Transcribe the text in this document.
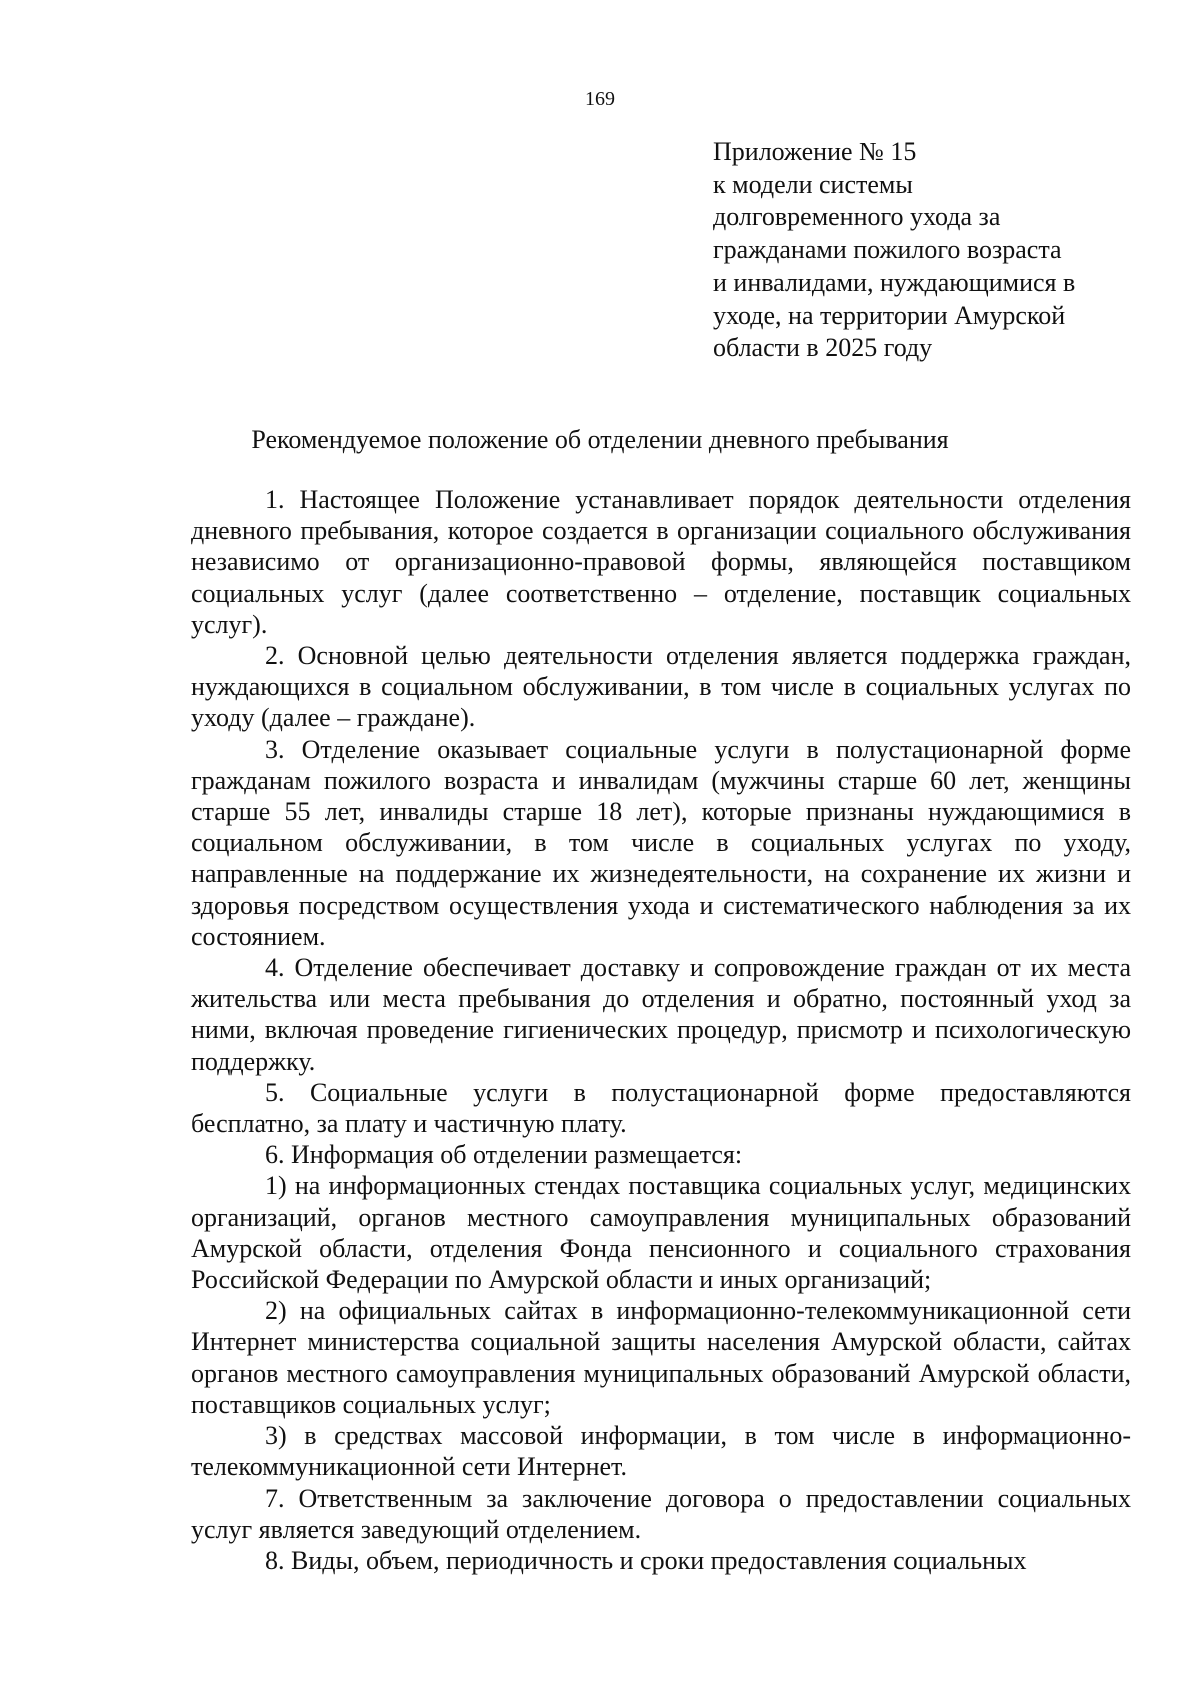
169
Приложение № 15
к модели системы
долговременного ухода за
гражданами пожилого возраста
и инвалидами, нуждающимися в
уходе, на территории Амурской
области в 2025 году
Рекомендуемое положение об отделении дневного пребывания

1. Настоящее Положение устанавливает порядок деятельности отделения дневного пребывания, которое создается в организации социального обслуживания независимо от организационно-правовой формы, являющейся поставщиком социальных услуг (далее соответственно – отделение, поставщик социальных услуг).

2. Основной целью деятельности отделения является поддержка граждан, нуждающихся в социальном обслуживании, в том числе в социальных услугах по уходу (далее – граждане).

3. Отделение оказывает социальные услуги в полустационарной форме гражданам пожилого возраста и инвалидам (мужчины старше 60 лет, женщины старше 55 лет, инвалиды старше 18 лет), которые признаны нуждающимися в социальном обслуживании, в том числе в социальных услугах по уходу, направленные на поддержание их жизнедеятельности, на сохранение их жизни и здоровья посредством осуществления ухода и систематического наблюдения за их состоянием.

4. Отделение обеспечивает доставку и сопровождение граждан от их места жительства или места пребывания до отделения и обратно, постоянный уход за ними, включая проведение гигиенических процедур, присмотр и психологическую поддержку.

5. Социальные услуги в полустационарной форме предоставляются бесплатно, за плату и частичную плату.

6. Информация об отделении размещается:

1) на информационных стендах поставщика социальных услуг, медицинских организаций, органов местного самоуправления муниципальных образований Амурской области, отделения Фонда пенсионного и социального страхования Российской Федерации по Амурской области и иных организаций;

2) на официальных сайтах в информационно-телекоммуникационной сети Интернет министерства социальной защиты населения Амурской области, сайтах органов местного самоуправления муниципальных образований Амурской области, поставщиков социальных услуг;

3) в средствах массовой информации, в том числе в информационно-телекоммуникационной сети Интернет.

7. Ответственным за заключение договора о предоставлении социальных услуг является заведующий отделением.

8. Виды, объем, периодичность и сроки предоставления социальных
